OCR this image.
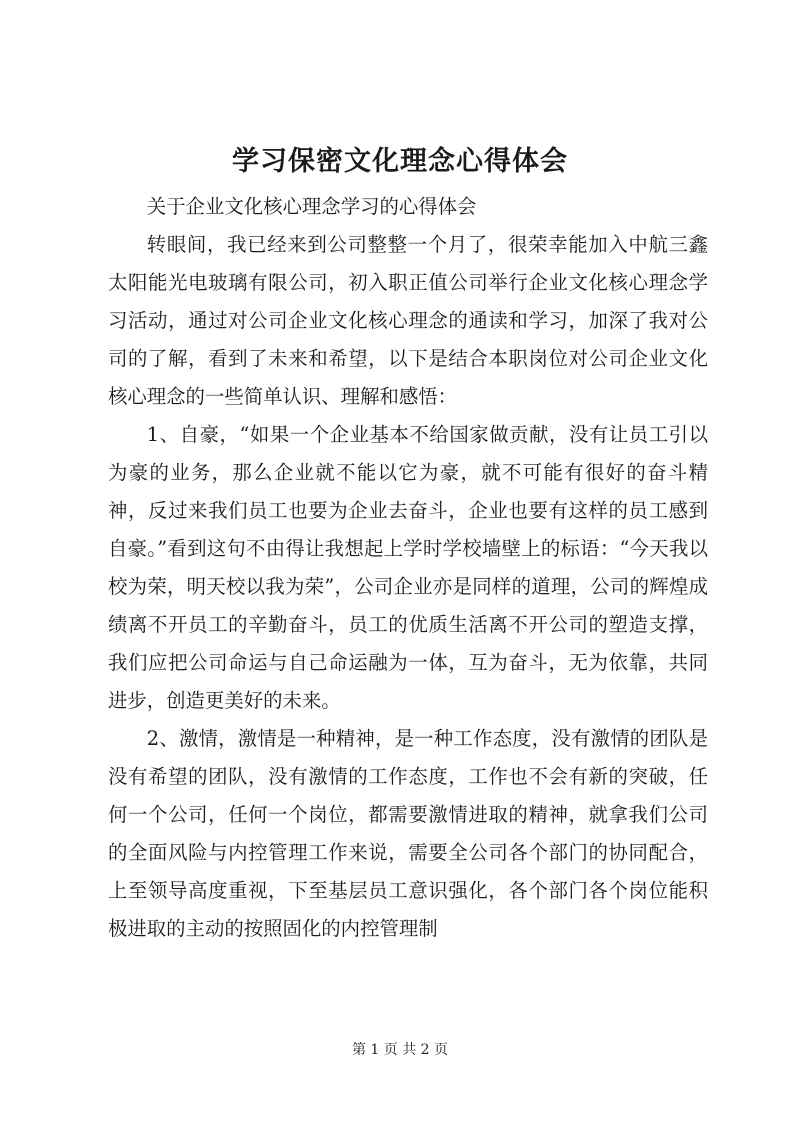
学习保密文化理念心得体会

关于企业文化核心理念学习的心得体会

转眼间，我已经来到公司整整一个月了，很荣幸能加入中航三鑫太阳能光电玻璃有限公司，初入职正值公司举行企业文化核心理念学习活动，通过对公司企业文化核心理念的通读和学习，加深了我对公司的了解，看到了未来和希望，以下是结合本职岗位对公司企业文化核心理念的一些简单认识、理解和感悟：

1、自豪，“如果一个企业基本不给国家做贡献，没有让员工引以为豪的业务，那么企业就不能以它为豪，就不可能有很好的奋斗精神，反过来我们员工也要为企业去奋斗，企业也要有这样的员工感到自豪。”看到这句不由得让我想起上学时学校墙壁上的标语：“今天我以校为荣，明天校以我为荣”，公司企业亦是同样的道理，公司的辉煌成绩离不开员工的辛勤奋斗，员工的优质生活离不开公司的塑造支撑，我们应把公司命运与自己命运融为一体，互为奋斗，无为依靠，共同进步，创造更美好的未来。

2、激情，激情是一种精神，是一种工作态度，没有激情的团队是没有希望的团队，没有激情的工作态度，工作也不会有新的突破，任何一个公司，任何一个岗位，都需要激情进取的精神，就拿我们公司的全面风险与内控管理工作来说，需要全公司各个部门的协同配合，上至领导高度重视，下至基层员工意识强化，各个部门各个岗位能积极进取的主动的按照固化的内控管理制

第 1 页 共 2 页
